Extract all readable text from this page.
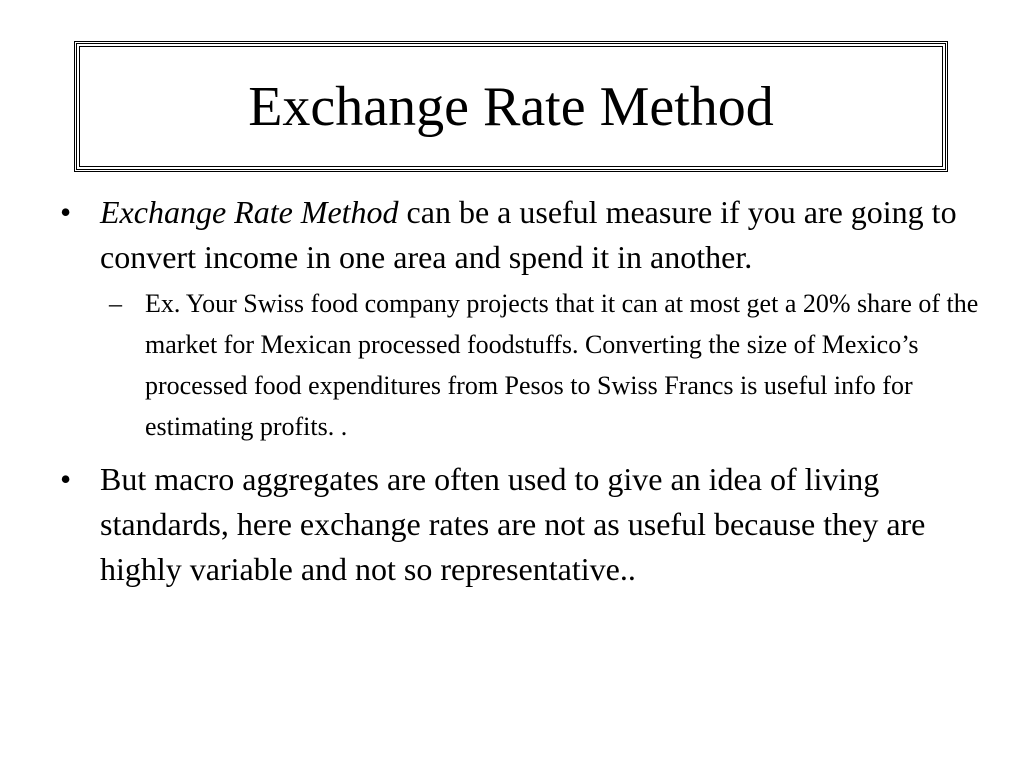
Exchange Rate Method
• Exchange Rate Method can be a useful measure if you are going to convert income in one area and spend it in another.
– Ex. Your Swiss food company projects that it can at most get a 20% share of the market for Mexican processed foodstuffs. Converting the size of Mexico’s processed food expenditures from Pesos to Swiss Francs is useful info for estimating profits. .
• But macro aggregates are often used to give an idea of living standards, here exchange rates are not as useful because they are highly variable and not so representative..
